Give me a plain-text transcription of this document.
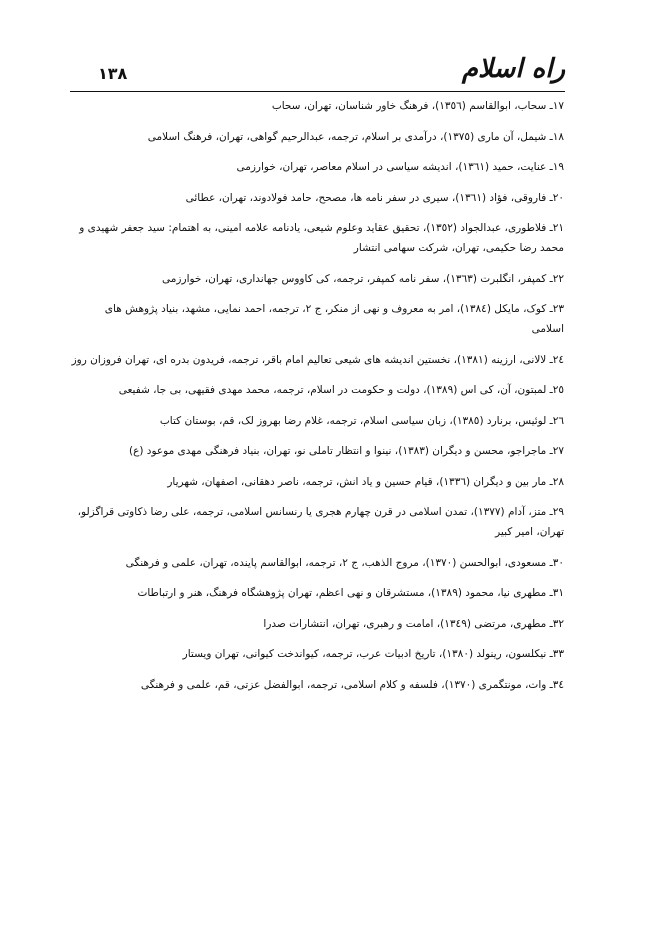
١٣٨	راه اسلام
١٧ـ سحاب، ابوالقاسم (١٣٥٦)، فرهنگ خاور شناسان، تهران، سحاب
١٨ـ شیمل، آن ماری (١٣٧٥)، درآمدی بر اسلام، ترجمه، عبدالرحیم گواهی، تهران، فرهنگ اسلامی
١٩ـ عنایت، حمید (١٣٦١)، اندیشه سیاسی در اسلام معاصر، تهران، خوارزمی
٢٠ـ فاروقی، فؤاد (١٣٦١)، سیری در سفر نامه ها، مصحح، حامد فولادوند، تهران، عطائی
٢١ـ فلاطوری، عبدالجواد (١٣٥٢)، تحقیق عقاید وعلوم شیعی، یادنامه علامه امینی، به اهتمام: سید جعفر شهیدی و محمد رضا حکیمی، تهران، شرکت سهامی انتشار
٢٢ـ کمپفر، انگلبرت (١٣٦٣)، سفر نامه کمپفر، ترجمه، کی کاووس جهانداری، تهران، خوارزمی
٢٣ـ کوک، مایکل (١٣٨٤)، امر به معروف و نهی از منکر، ج ٢، ترجمه، احمد نمایی، مشهد، بنیاد پژوهش های اسلامی
٢٤ـ لالانی، ارزینه (١٣٨١)، نخستین اندیشه های شیعی تعالیم امام باقر، ترجمه، فریدون بدره ای، تهران فروزان روز
٢٥ـ لمبتون، آن، کی اس (١٣٨٩)، دولت و حکومت در اسلام، ترجمه، محمد مهدی فقیهی، بی جا، شفیعی
٢٦ـ لوئیس، برنارد (١٣٨٥)، زبان سیاسی اسلام، ترجمه، غلام رضا بهروز لک، قم، بوستان کتاب
٢٧ـ ماجراجو، محسن و دیگران (١٣٨٣)، نینوا و انتظار تاملی نو، تهران، بنیاد فرهنگی مهدی موعود (ع)
٢٨ـ مار بین و دیگران (١٣٣٦)، قیام حسین و یاد انش، ترجمه، ناصر دهقانی، اصفهان، شهریار
٢٩ـ متز، آدام (١٣٧٧)، تمدن اسلامی در قرن چهارم هجری یا رنسانس اسلامی، ترجمه، علی رضا ذکاوتی قراگزلو، تهران، امیر کبیر
٣٠ـ مسعودی، ابوالحسن (١٣٧٠)، مروج الذهب، ج ٢، ترجمه، ابوالقاسم پاینده، تهران، علمی و فرهنگی
٣١ـ مطهری نیا، محمود (١٣٨٩)، مستشرقان و نهی اعظم، تهران پژوهشگاه فرهنگ، هنر و ارتباطات
٣٢ـ مطهری، مرتضی (١٣٤٩)، امامت و رهبری، تهران، انتشارات صدرا
٣٣ـ نیکلسون، رینولد (١٣٨٠)، تاریخ ادبیات عرب، ترجمه، کیواندخت کیوانی، تهران ویستار
٣٤ـ وات، مونتگمری (١٣٧٠)، فلسفه و کلام اسلامی، ترجمه، ابوالفضل عزتی، قم، علمی و فرهنگی
